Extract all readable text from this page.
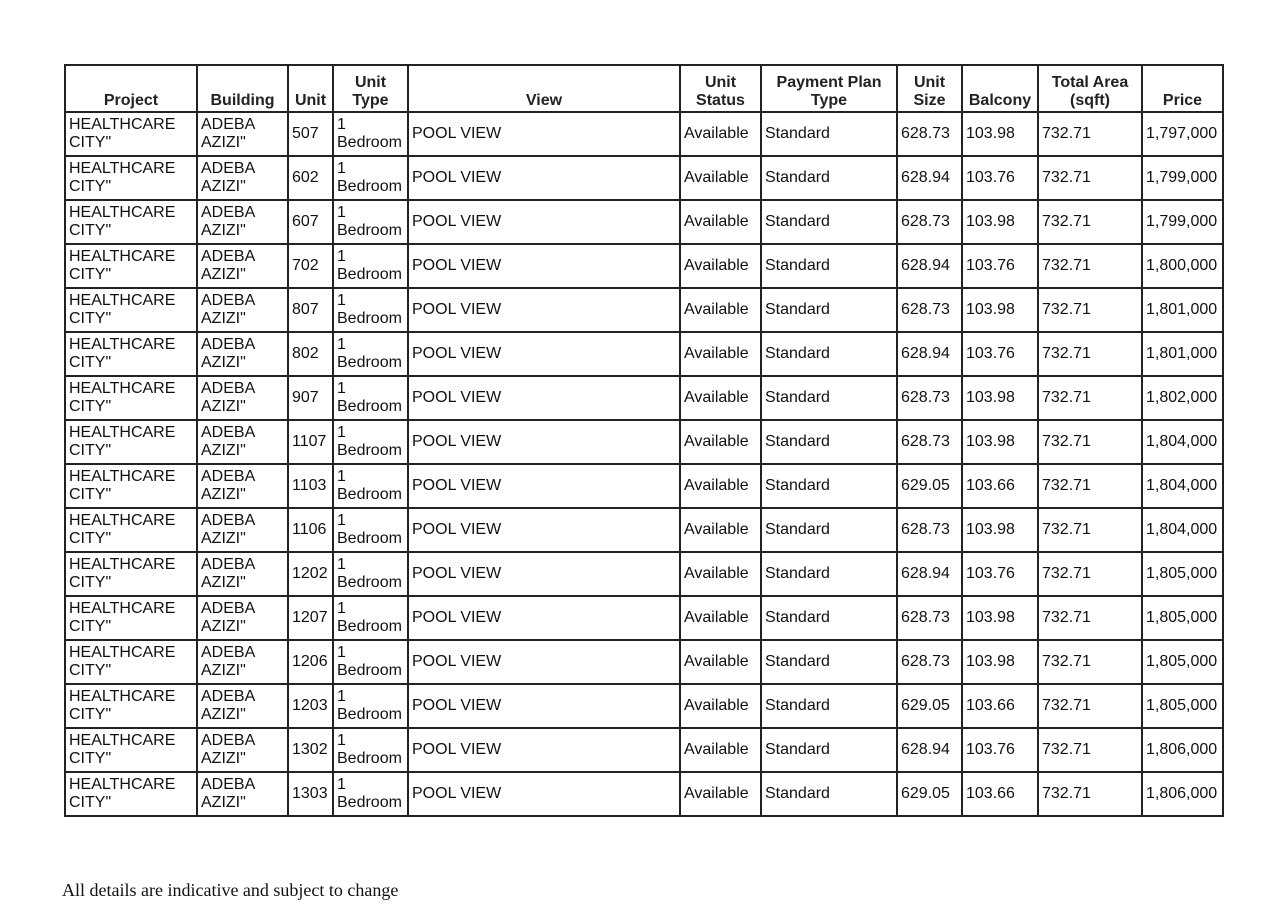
Project	Building	Unit	Unit Type	View	Unit Status	Payment Plan Type	Unit Size	Balcony	Total Area (sqft)	Price

HEALTHCARE CITY"	ADEBA AZIZI"	507	1 Bedroom	POOL VIEW	Available	Standard	628.73	103.98	732.71	1,797,000

HEALTHCARE CITY"	ADEBA AZIZI"	602	1 Bedroom	POOL VIEW	Available	Standard	628.94	103.76	732.71	1,799,000

HEALTHCARE CITY"	ADEBA AZIZI"	607	1 Bedroom	POOL VIEW	Available	Standard	628.73	103.98	732.71	1,799,000

HEALTHCARE CITY"	ADEBA AZIZI"	702	1 Bedroom	POOL VIEW	Available	Standard	628.94	103.76	732.71	1,800,000

HEALTHCARE CITY"	ADEBA AZIZI"	807	1 Bedroom	POOL VIEW	Available	Standard	628.73	103.98	732.71	1,801,000

HEALTHCARE CITY"	ADEBA AZIZI"	802	1 Bedroom	POOL VIEW	Available	Standard	628.94	103.76	732.71	1,801,000

HEALTHCARE CITY"	ADEBA AZIZI"	907	1 Bedroom	POOL VIEW	Available	Standard	628.73	103.98	732.71	1,802,000

HEALTHCARE CITY"	ADEBA AZIZI"	1107	1 Bedroom	POOL VIEW	Available	Standard	628.73	103.98	732.71	1,804,000

HEALTHCARE CITY"	ADEBA AZIZI"	1103	1 Bedroom	POOL VIEW	Available	Standard	629.05	103.66	732.71	1,804,000

HEALTHCARE CITY"	ADEBA AZIZI"	1106	1 Bedroom	POOL VIEW	Available	Standard	628.73	103.98	732.71	1,804,000

HEALTHCARE CITY"	ADEBA AZIZI"	1202	1 Bedroom	POOL VIEW	Available	Standard	628.94	103.76	732.71	1,805,000

HEALTHCARE CITY"	ADEBA AZIZI"	1207	1 Bedroom	POOL VIEW	Available	Standard	628.73	103.98	732.71	1,805,000

HEALTHCARE CITY"	ADEBA AZIZI"	1206	1 Bedroom	POOL VIEW	Available	Standard	628.73	103.98	732.71	1,805,000

HEALTHCARE CITY"	ADEBA AZIZI"	1203	1 Bedroom	POOL VIEW	Available	Standard	629.05	103.66	732.71	1,805,000

HEALTHCARE CITY"	ADEBA AZIZI"	1302	1 Bedroom	POOL VIEW	Available	Standard	628.94	103.76	732.71	1,806,000

HEALTHCARE CITY"	ADEBA AZIZI"	1303	1 Bedroom	POOL VIEW	Available	Standard	629.05	103.66	732.71	1,806,000
All details are indicative and subject to change
